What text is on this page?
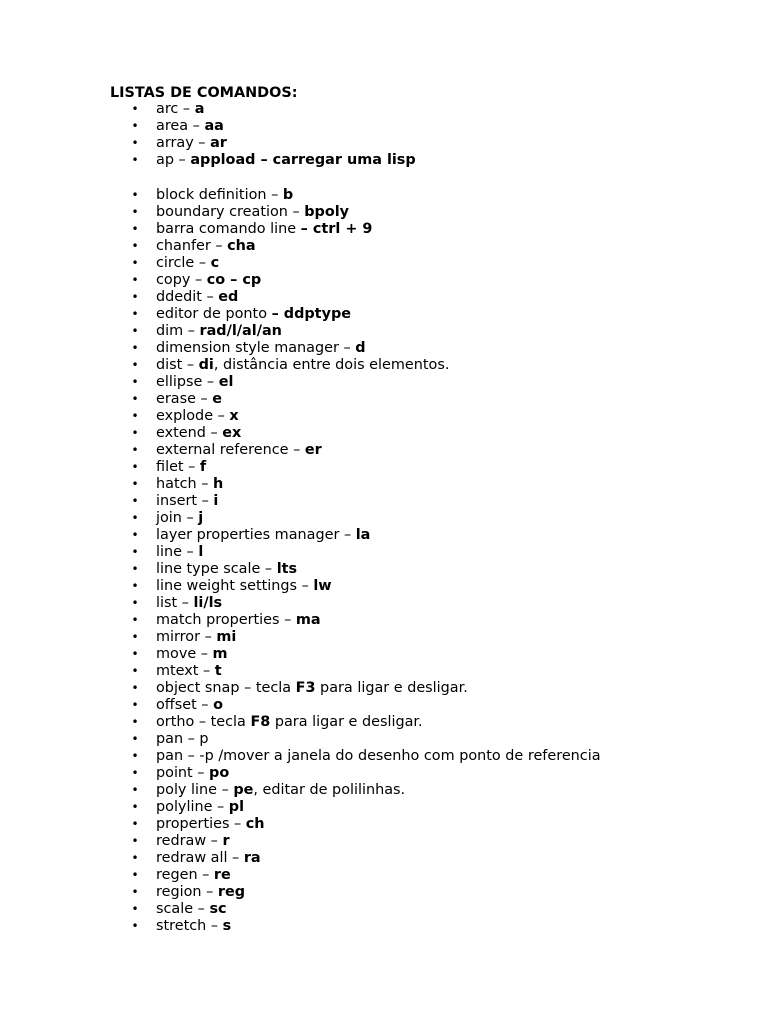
LISTAS DE COMANDOS:
• arc – a
• area – aa
• array – ar
• ap – appload – carregar uma lisp
• block definition – b
• boundary creation – bpoly
• barra comando line – ctrl + 9
• chanfer – cha
• circle – c
• copy – co – cp
• ddedit – ed
• editor de ponto – ddptype
• dim – rad/l/al/an
• dimension style manager – d
• dist – di, distância entre dois elementos.
• ellipse – el
• erase – e
• explode – x
• extend – ex
• external reference – er
• filet – f
• hatch – h
• insert – i
• join – j
• layer properties manager – la
• line – l
• line type scale – lts
• line weight settings – lw
• list – li/ls
• match properties – ma
• mirror – mi
• move – m
• mtext – t
• object snap – tecla F3 para ligar e desligar.
• offset – o
• ortho – tecla F8 para ligar e desligar.
• pan – p
• pan – -p /mover a janela do desenho com ponto de referencia
• point – po
• poly line – pe, editar de polilinhas.
• polyline – pl
• properties – ch
• redraw – r
• redraw all – ra
• regen – re
• region – reg
• scale – sc
• stretch – s
